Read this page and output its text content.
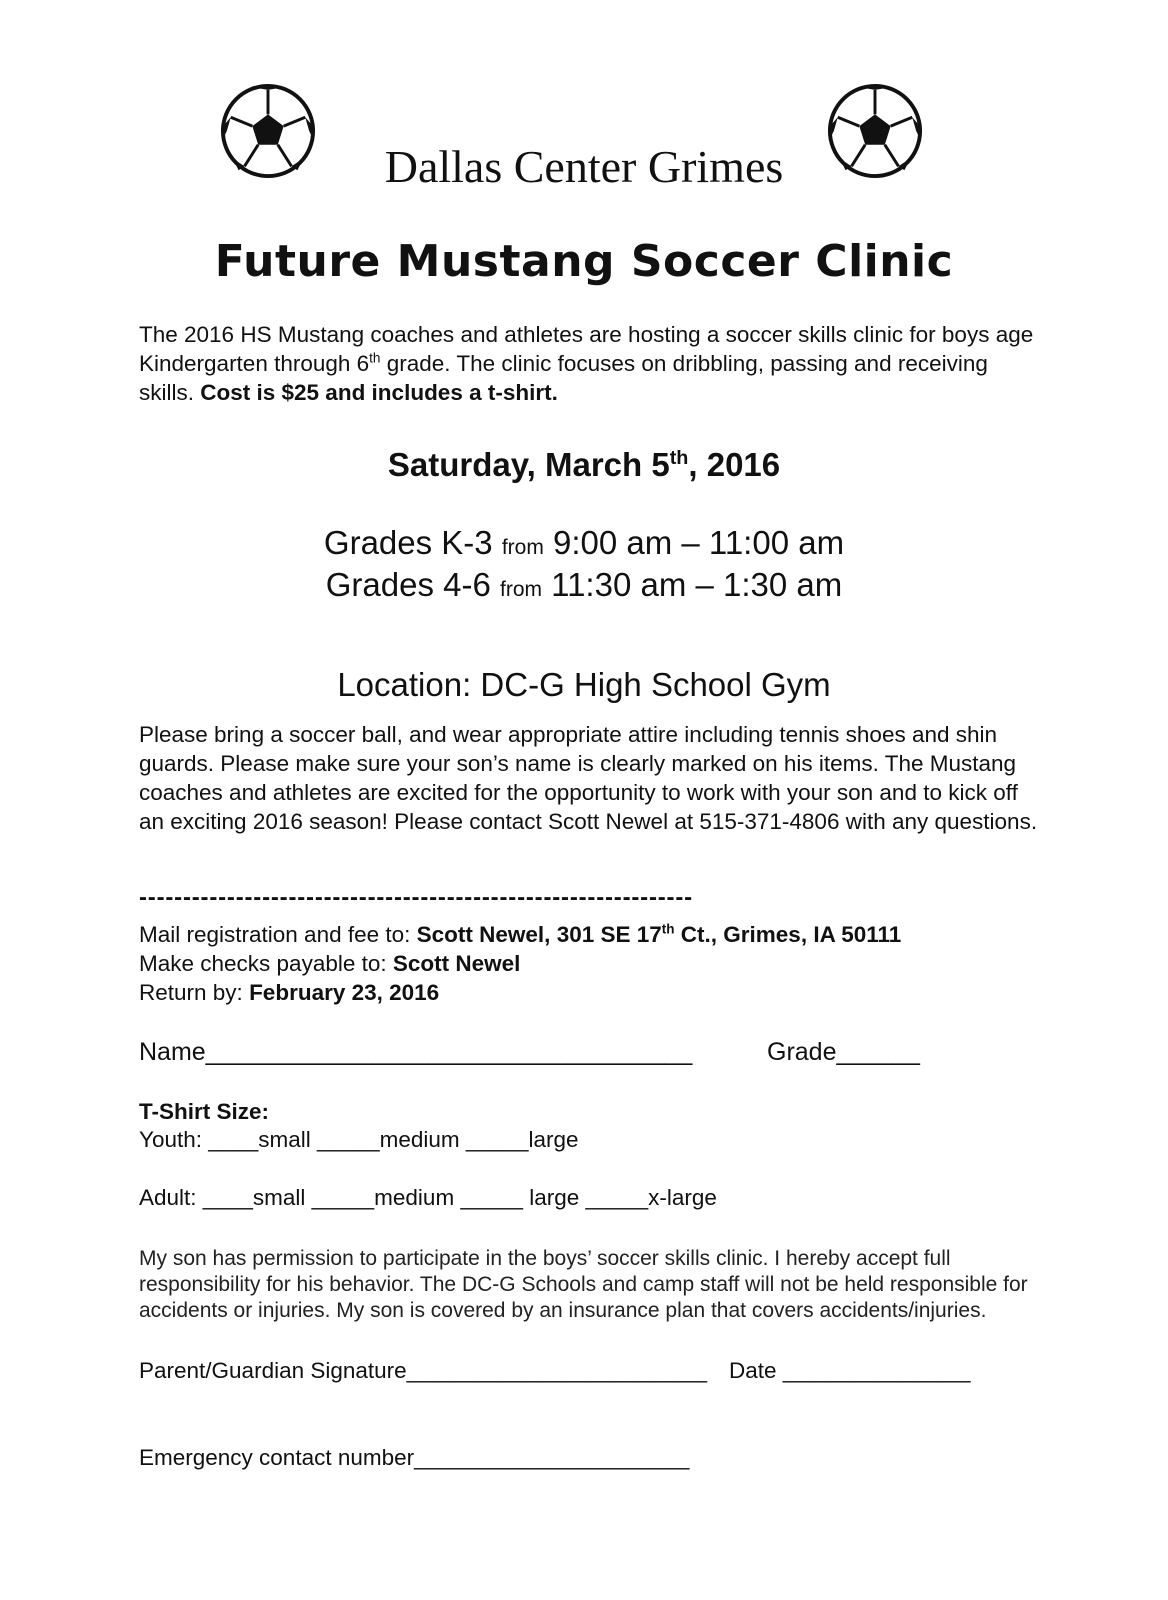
Dallas Center Grimes
Future Mustang Soccer Clinic
The 2016 HS Mustang coaches and athletes are hosting a soccer skills clinic for boys age Kindergarten through 6th grade. The clinic focuses on dribbling, passing and receiving skills. Cost is $25 and includes a t-shirt.
Saturday, March 5th, 2016
Grades K-3 from 9:00 am – 11:00 am
Grades 4-6 from 11:30 am – 1:30 am
Location: DC-G High School Gym
Please bring a soccer ball, and wear appropriate attire including tennis shoes and shin guards. Please make sure your son’s name is clearly marked on his items. The Mustang coaches and athletes are excited for the opportunity to work with your son and to kick off an exciting 2016 season! Please contact Scott Newel at 515-371-4806 with any questions.
---------------------------------------------------------------
Mail registration and fee to: Scott Newel, 301 SE 17th Ct., Grimes, IA 50111
Make checks payable to: Scott Newel
Return by: February 23, 2016
Name___________________________________	Grade______
T-Shirt Size:
Youth: ____small _____medium _____large
Adult: ____small _____medium _____ large _____x-large
My son has permission to participate in the boys’ soccer skills clinic. I hereby accept full responsibility for his behavior. The DC-G Schools and camp staff will not be held responsible for accidents or injuries. My son is covered by an insurance plan that covers accidents/injuries.
Parent/Guardian Signature________________________ Date _______________
Emergency contact number______________________
